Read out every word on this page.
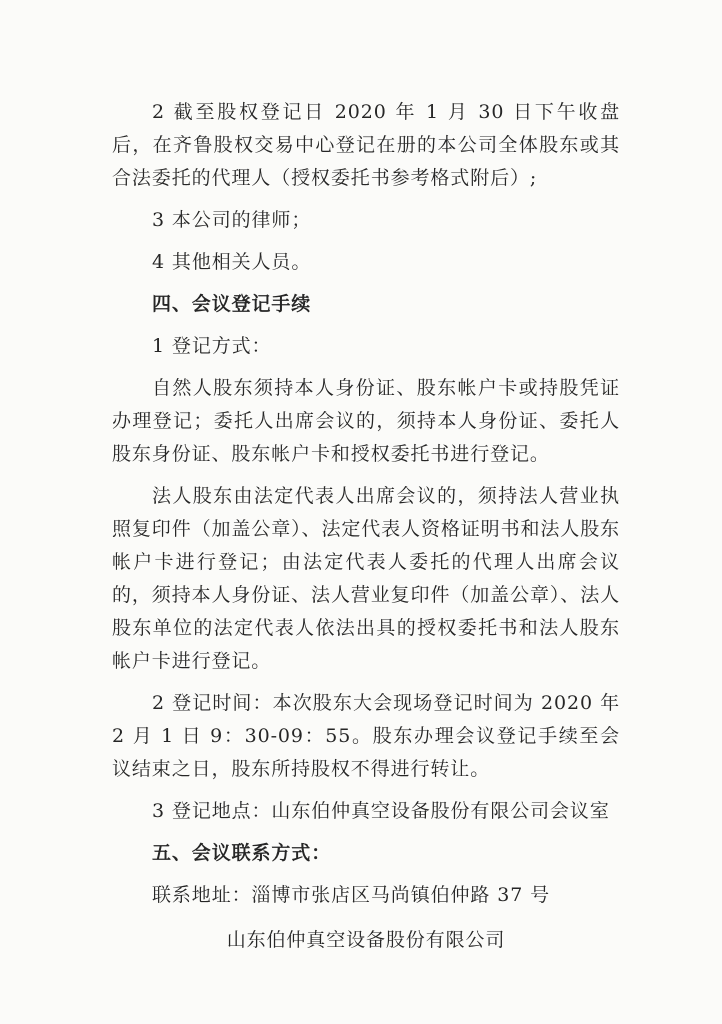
2 截至股权登记日 2020 年 1 月 30 日下午收盘后，在齐鲁股权交易中心登记在册的本公司全体股东或其合法委托的代理人（授权委托书参考格式附后）;

3 本公司的律师；

4 其他相关人员。

四、会议登记手续

1 登记方式：

自然人股东须持本人身份证、股东帐户卡或持股凭证办理登记；委托人出席会议的，须持本人身份证、委托人股东身份证、股东帐户卡和授权委托书进行登记。

法人股东由法定代表人出席会议的，须持法人营业执照复印件（加盖公章）、法定代表人资格证明书和法人股东帐户卡进行登记；由法定代表人委托的代理人出席会议的，须持本人身份证、法人营业复印件（加盖公章）、法人股东单位的法定代表人依法出具的授权委托书和法人股东帐户卡进行登记。

2 登记时间：本次股东大会现场登记时间为 2020 年 2 月 1 日 9：30-09：55。股东办理会议登记手续至会议结束之日，股东所持股权不得进行转让。

3 登记地点：山东伯仲真空设备股份有限公司会议室

五、会议联系方式：

联系地址：淄博市张店区马尚镇伯仲路 37 号

山东伯仲真空设备股份有限公司
